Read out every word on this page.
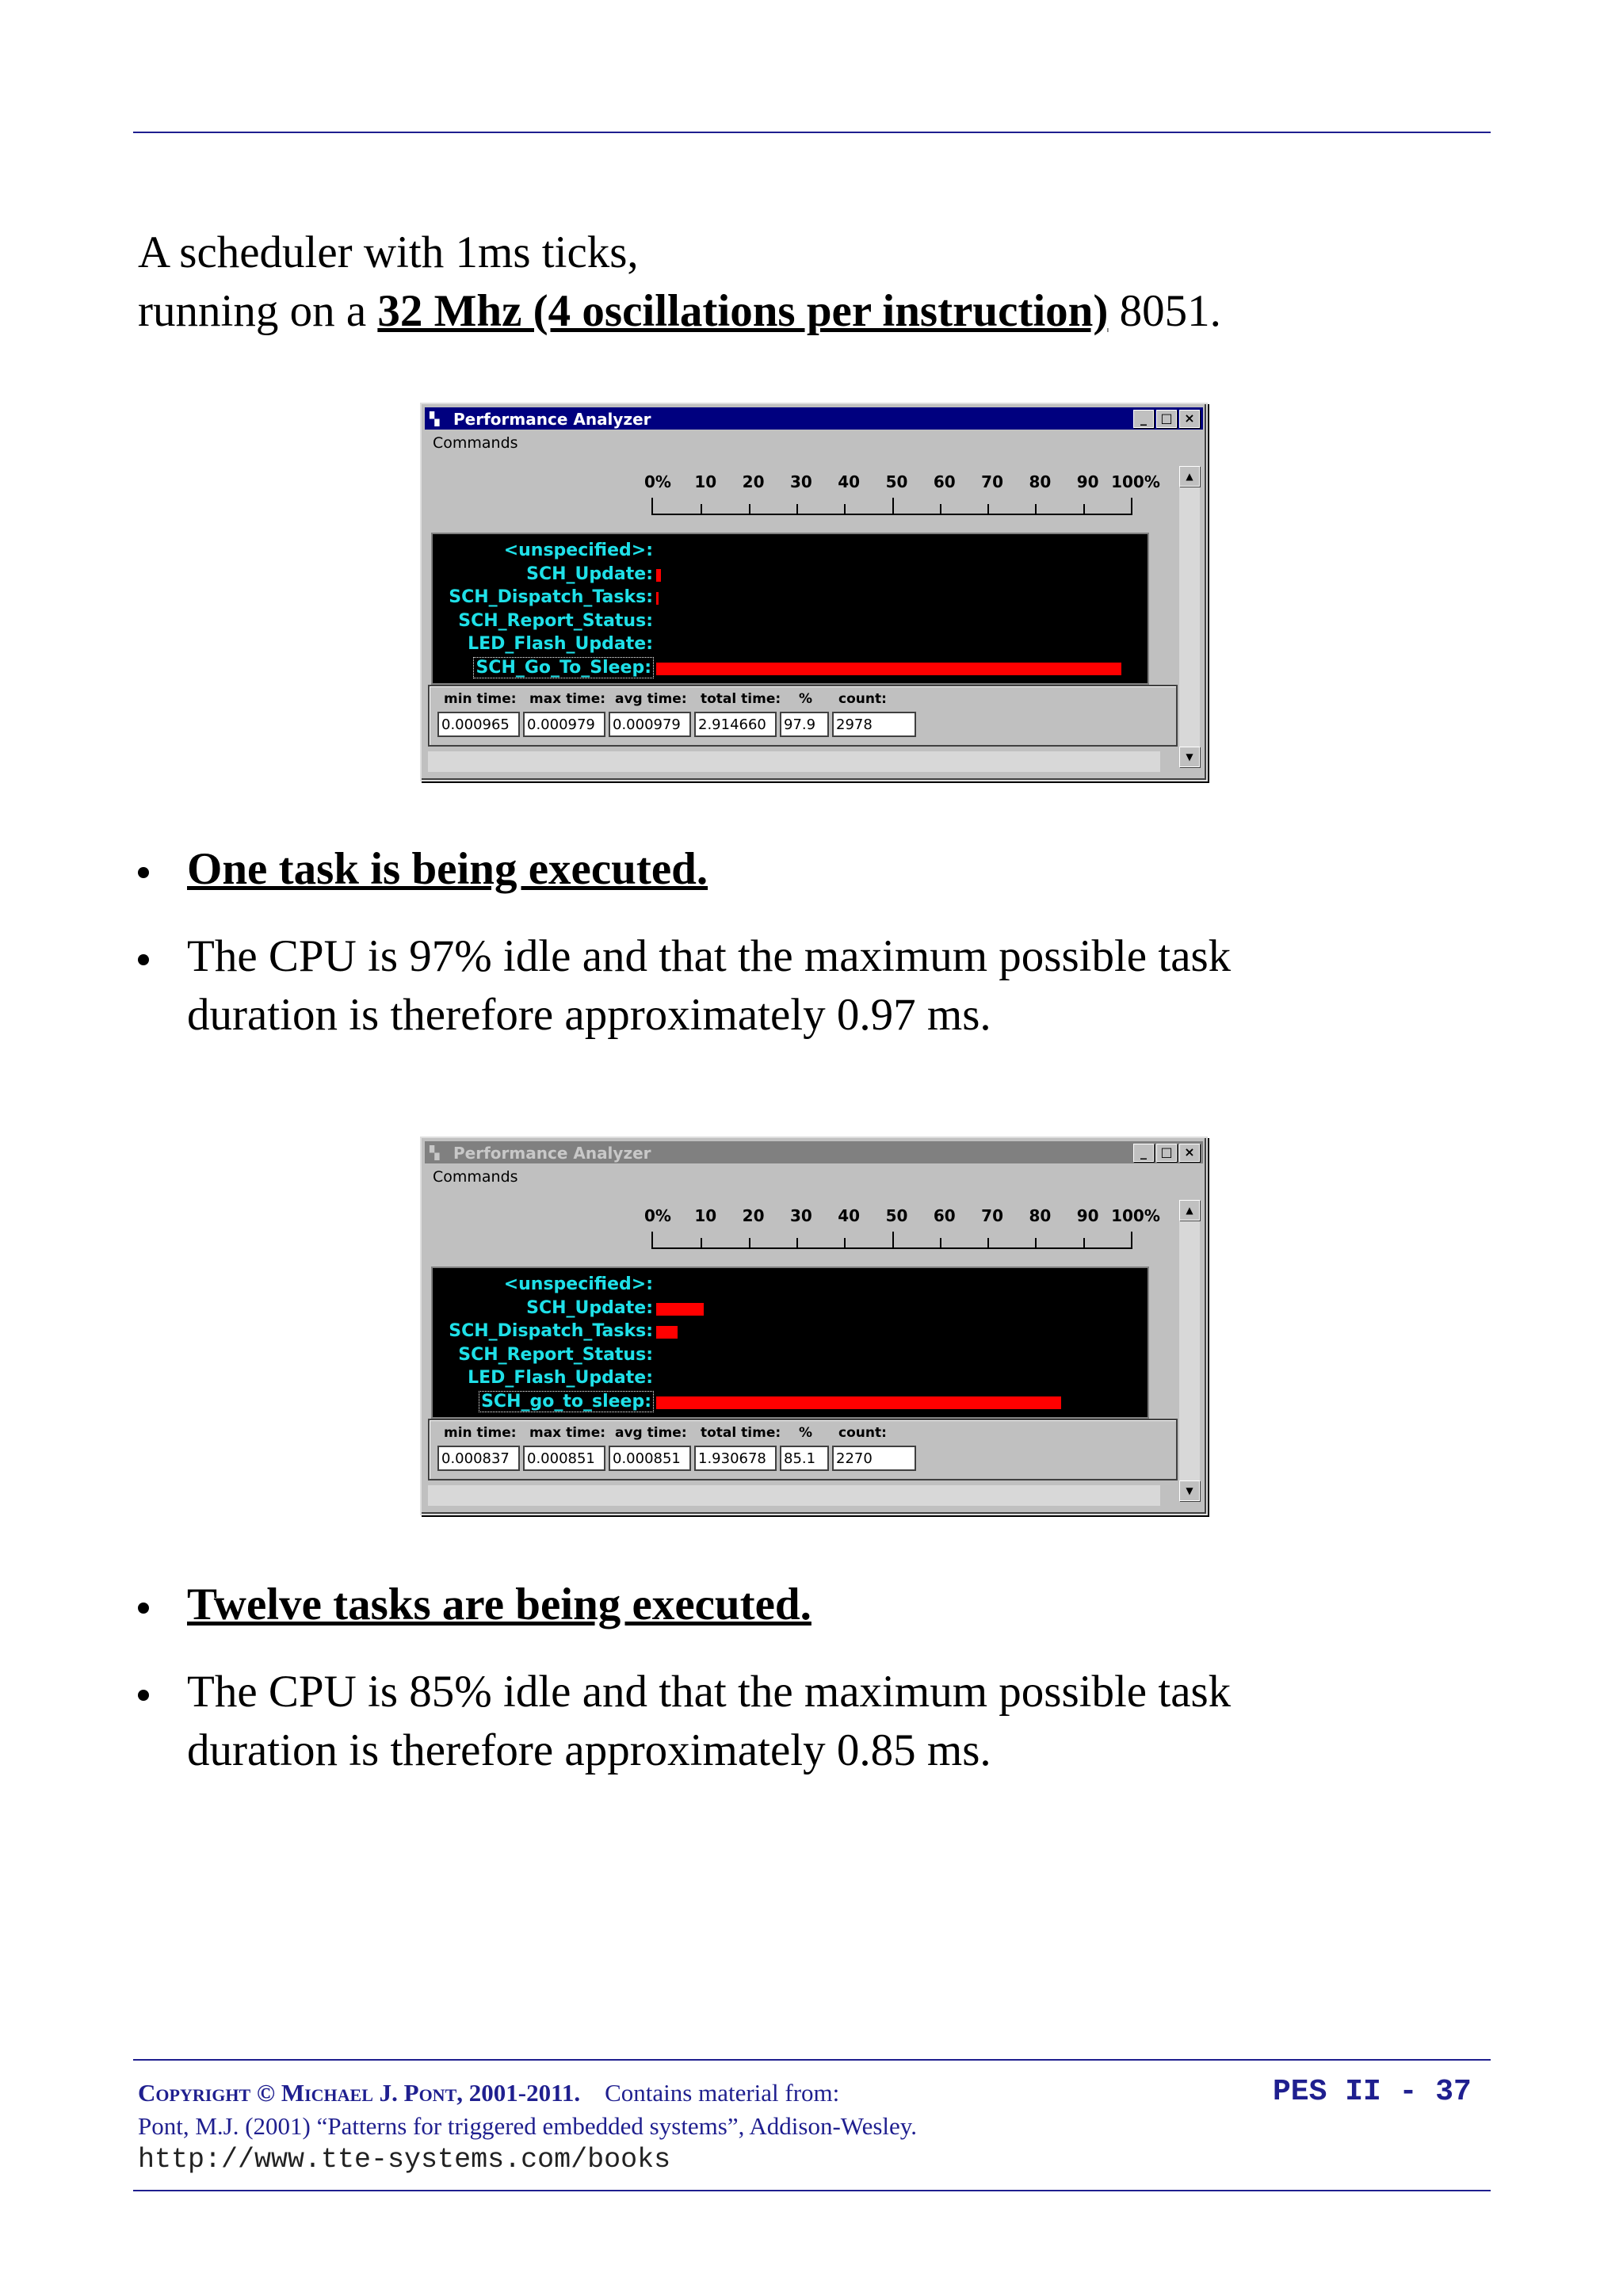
A scheduler with 1ms ticks,
running on a 32 Mhz (4 oscillations per instruction) 8051.
▚ Performance Analyzer	_	□ ×
Commands
0% 10 20 30 40 50 60 70 80 90 100%	▲
▼
<unspecified>:
SCH_Update:
SCH_Dispatch_Tasks:
SCH_Report_Status:
LED_Flash_Update:
SCH_Go_To_Sleep:
min time:
0.000965
max time:
0.000979
avg time:
0.000979
total time:
2.914660
%
97.9
count:
2978
One task is being executed.
The CPU is 97% idle and that the maximum possible task
duration is therefore approximately 0.97 ms.
▚ Performance Analyzer	_	□ ×
Commands
0% 10 20 30 40 50 60 70 80 90 100%	▲
▼
<unspecified>:
SCH_Update:
SCH_Dispatch_Tasks:
SCH_Report_Status:
LED_Flash_Update:
SCH_go_to_sleep:
min time:
0.000837
max time:
0.000851
avg time:
0.000851
total time:
1.930678
%
85.1
count:
2270
Twelve tasks are being executed.
The CPU is 85% idle and that the maximum possible task
duration is therefore approximately 0.85 ms.
Copyright © Michael J. Pont, 2001-2011. Contains material from:
Pont, M.J. (2001) “Patterns for triggered embedded systems”, Addison-Wesley.
http://www.tte-systems.com/books
PES II - 37
